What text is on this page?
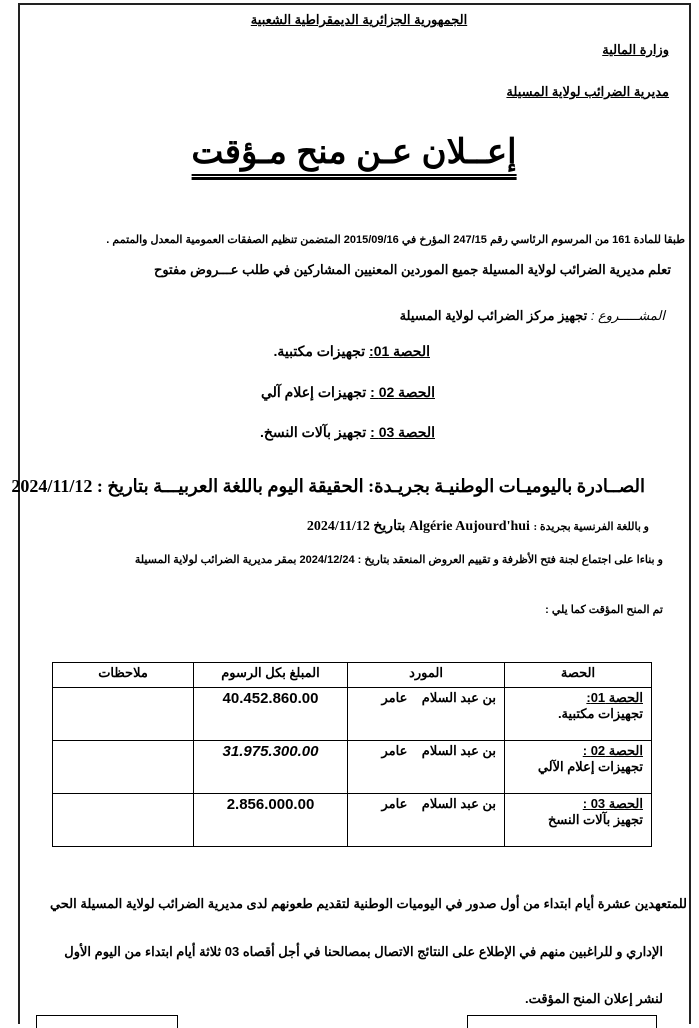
الجمهورية الجزائرية الديمقراطية الشعبية
وزارة المالية
مديرية الضرائب لولاية المسيلة
إعــلان عـن منح مـؤقت
طبقا للمادة 161 من المرسوم الرئاسي رقم 247/15 المؤرخ في 2015/09/16 المتضمن تنظيم الصفقات العمومية المعدل والمتمم .
تعلم مديرية الضرائب لولاية المسيلة جميع الموردين المعنيين المشاركين في طلب عـــروض مفتوح
المشـــــروع : تجهيز مركز الضرائب لولاية المسيلة
الحصة 01: تجهيزات مكتبية.
الحصة 02 : تجهيزات إعلام آلي
الحصة 03 : تجهيز بآلات النسخ.
الصــادرة باليوميـات الوطنيـة بجريـدة: الحقيقة اليوم باللغة العربيـــة بتاريخ : 2024/11/12
و باللغة الفرنسية بجريدة : Algérie Aujourd'hui بتاريخ 2024/11/12
و بناءا على اجتماع لجنة فتح الأظرفة و تقييم العروض المنعقد بتاريخ : 2024/12/24 بمقر مديرية الضرائب لولاية المسيلة
تم المنح المؤقت كما يلي :
الحصة	المورد	المبلغ بكل الرسوم	ملاحظات
الحصة 01:
تجهيزات مكتبية.	بن عبد السلام    عامر	40.452.860.00	
الحصة 02 :
تجهيزات إعلام الآلي	بن عبد السلام    عامر	31.975.300.00	
الحصة 03 :
تجهيز بآلات النسخ	بن عبد السلام    عامر	2.856.000.00	
للمتعهدين عشرة أيام ابتداء من أول صدور في اليوميات الوطنية لتقديم طعونهم لدى مديرية الضرائب لولاية المسيلة الحي
الإداري و للراغبين منهم في الإطلاع على النتائج الاتصال بمصالحنا في أجل أقصاه 03 ثلاثة أيام ابتداء من اليوم الأول
لنشر إعلان المنح المؤقت.
